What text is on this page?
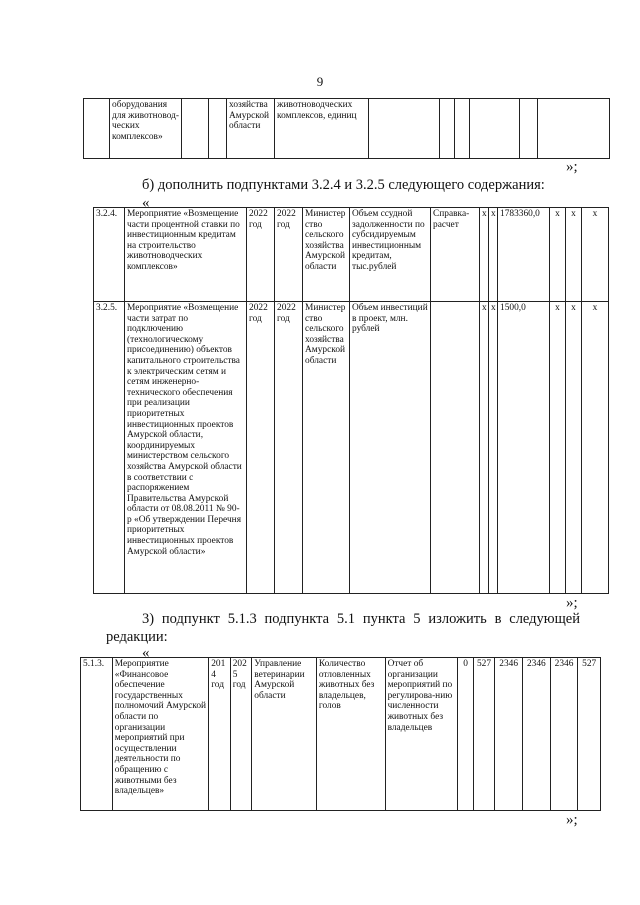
9
	оборудования для животновод-ческих комплексов»			хозяйства Амурской области	животноводческих комплексов, единиц						
»;
б) дополнить подпунктами 3.2.4 и 3.2.5 следующего содержания:
«
3.2.4.	Мероприятие «Возмещение части процентной ставки по инвестиционным кредитам на строительство животноводческих комплексов»	2022 год	2022 год	Министерство сельского хозяйства Амурской области	Объем ссудной задолженности по субсидируемым инвестиционным кредитам, тыс.рублей	Справка-расчет	х	х	1783360,0	х	х	х
3.2.5.	Мероприятие «Возмещение части затрат по подключению (технологическому присоединению) объектов капитального строительства к электрическим сетям и сетям инженерно-технического обеспечения при реализации приоритетных инвестиционных проектов Амурской области, координируемых министерством сельского хозяйства Амурской области в соответствии с распоряжением Правительства Амурской области от 08.08.2011 № 90-р «Об утверждении Перечня приоритетных инвестиционных проектов Амурской области»	2022 год	2022 год	Министерство сельского хозяйства Амурской области	Объем инвестиций в проект, млн. рублей		х	х	1500,0	х	х	х
»;
3) подпункт 5.1.3 подпункта 5.1 пункта 5 изложить в следующей
редакции:
«
5.1.3.	Мероприятие «Финансовое обеспечение государственных полномочий Амурской области по организации мероприятий при осуществлении деятельности по обращению с животными без владельцев»	2014 год	2025 год	Управление ветеринарии Амурской области	Количество отловленных животных без владельцев, голов	Отчет об организации мероприятий по регулирова-нию численности животных без владельцев	0	527	2346	2346	2346	527
»;
